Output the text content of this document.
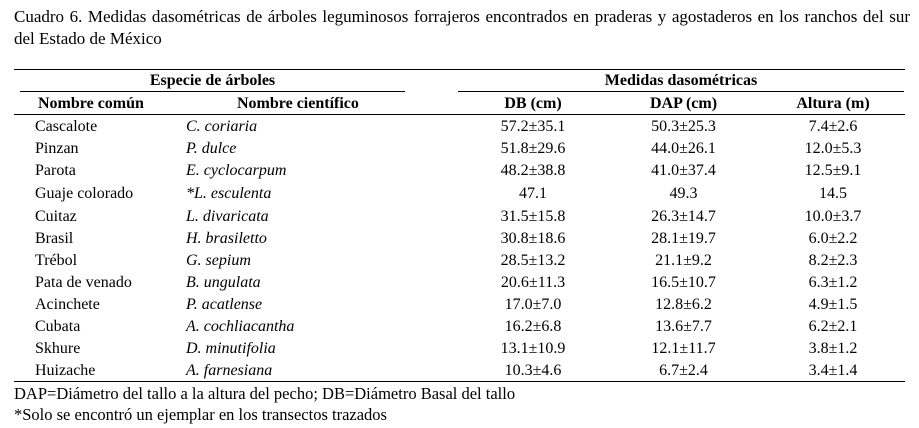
Cuadro 6. Medidas dasométricas de árboles leguminosos forrajeros encontrados en praderas y agostaderos en los ranchos del sur del Estado de México
Especie de árboles	Medidas dasométricas
Nombre común	Nombre científico	DB (cm)	DAP (cm)	Altura (m)
Cascalote	C. coriaria	57.2±35.1	50.3±25.3	7.4±2.6
Pinzan	P. dulce	51.8±29.6	44.0±26.1	12.0±5.3
Parota	E. cyclocarpum	48.2±38.8	41.0±37.4	12.5±9.1
Guaje colorado	*L. esculenta	47.1	49.3	14.5
Cuitaz	L. divaricata	31.5±15.8	26.3±14.7	10.0±3.7
Brasil	H. brasiletto	30.8±18.6	28.1±19.7	6.0±2.2
Trébol	G. sepium	28.5±13.2	21.1±9.2	8.2±2.3
Pata de venado	B. ungulata	20.6±11.3	16.5±10.7	6.3±1.2
Acinchete	P. acatlense	17.0±7.0	12.8±6.2	4.9±1.5
Cubata	A. cochliacantha	16.2±6.8	13.6±7.7	6.2±2.1
Skhure	D. minutifolia	13.1±10.9	12.1±11.7	3.8±1.2
Huizache	A. farnesiana	10.3±4.6	6.7±2.4	3.4±1.4
DAP=Diámetro del tallo a la altura del pecho; DB=Diámetro Basal del tallo
*Solo se encontró un ejemplar en los transectos trazados
